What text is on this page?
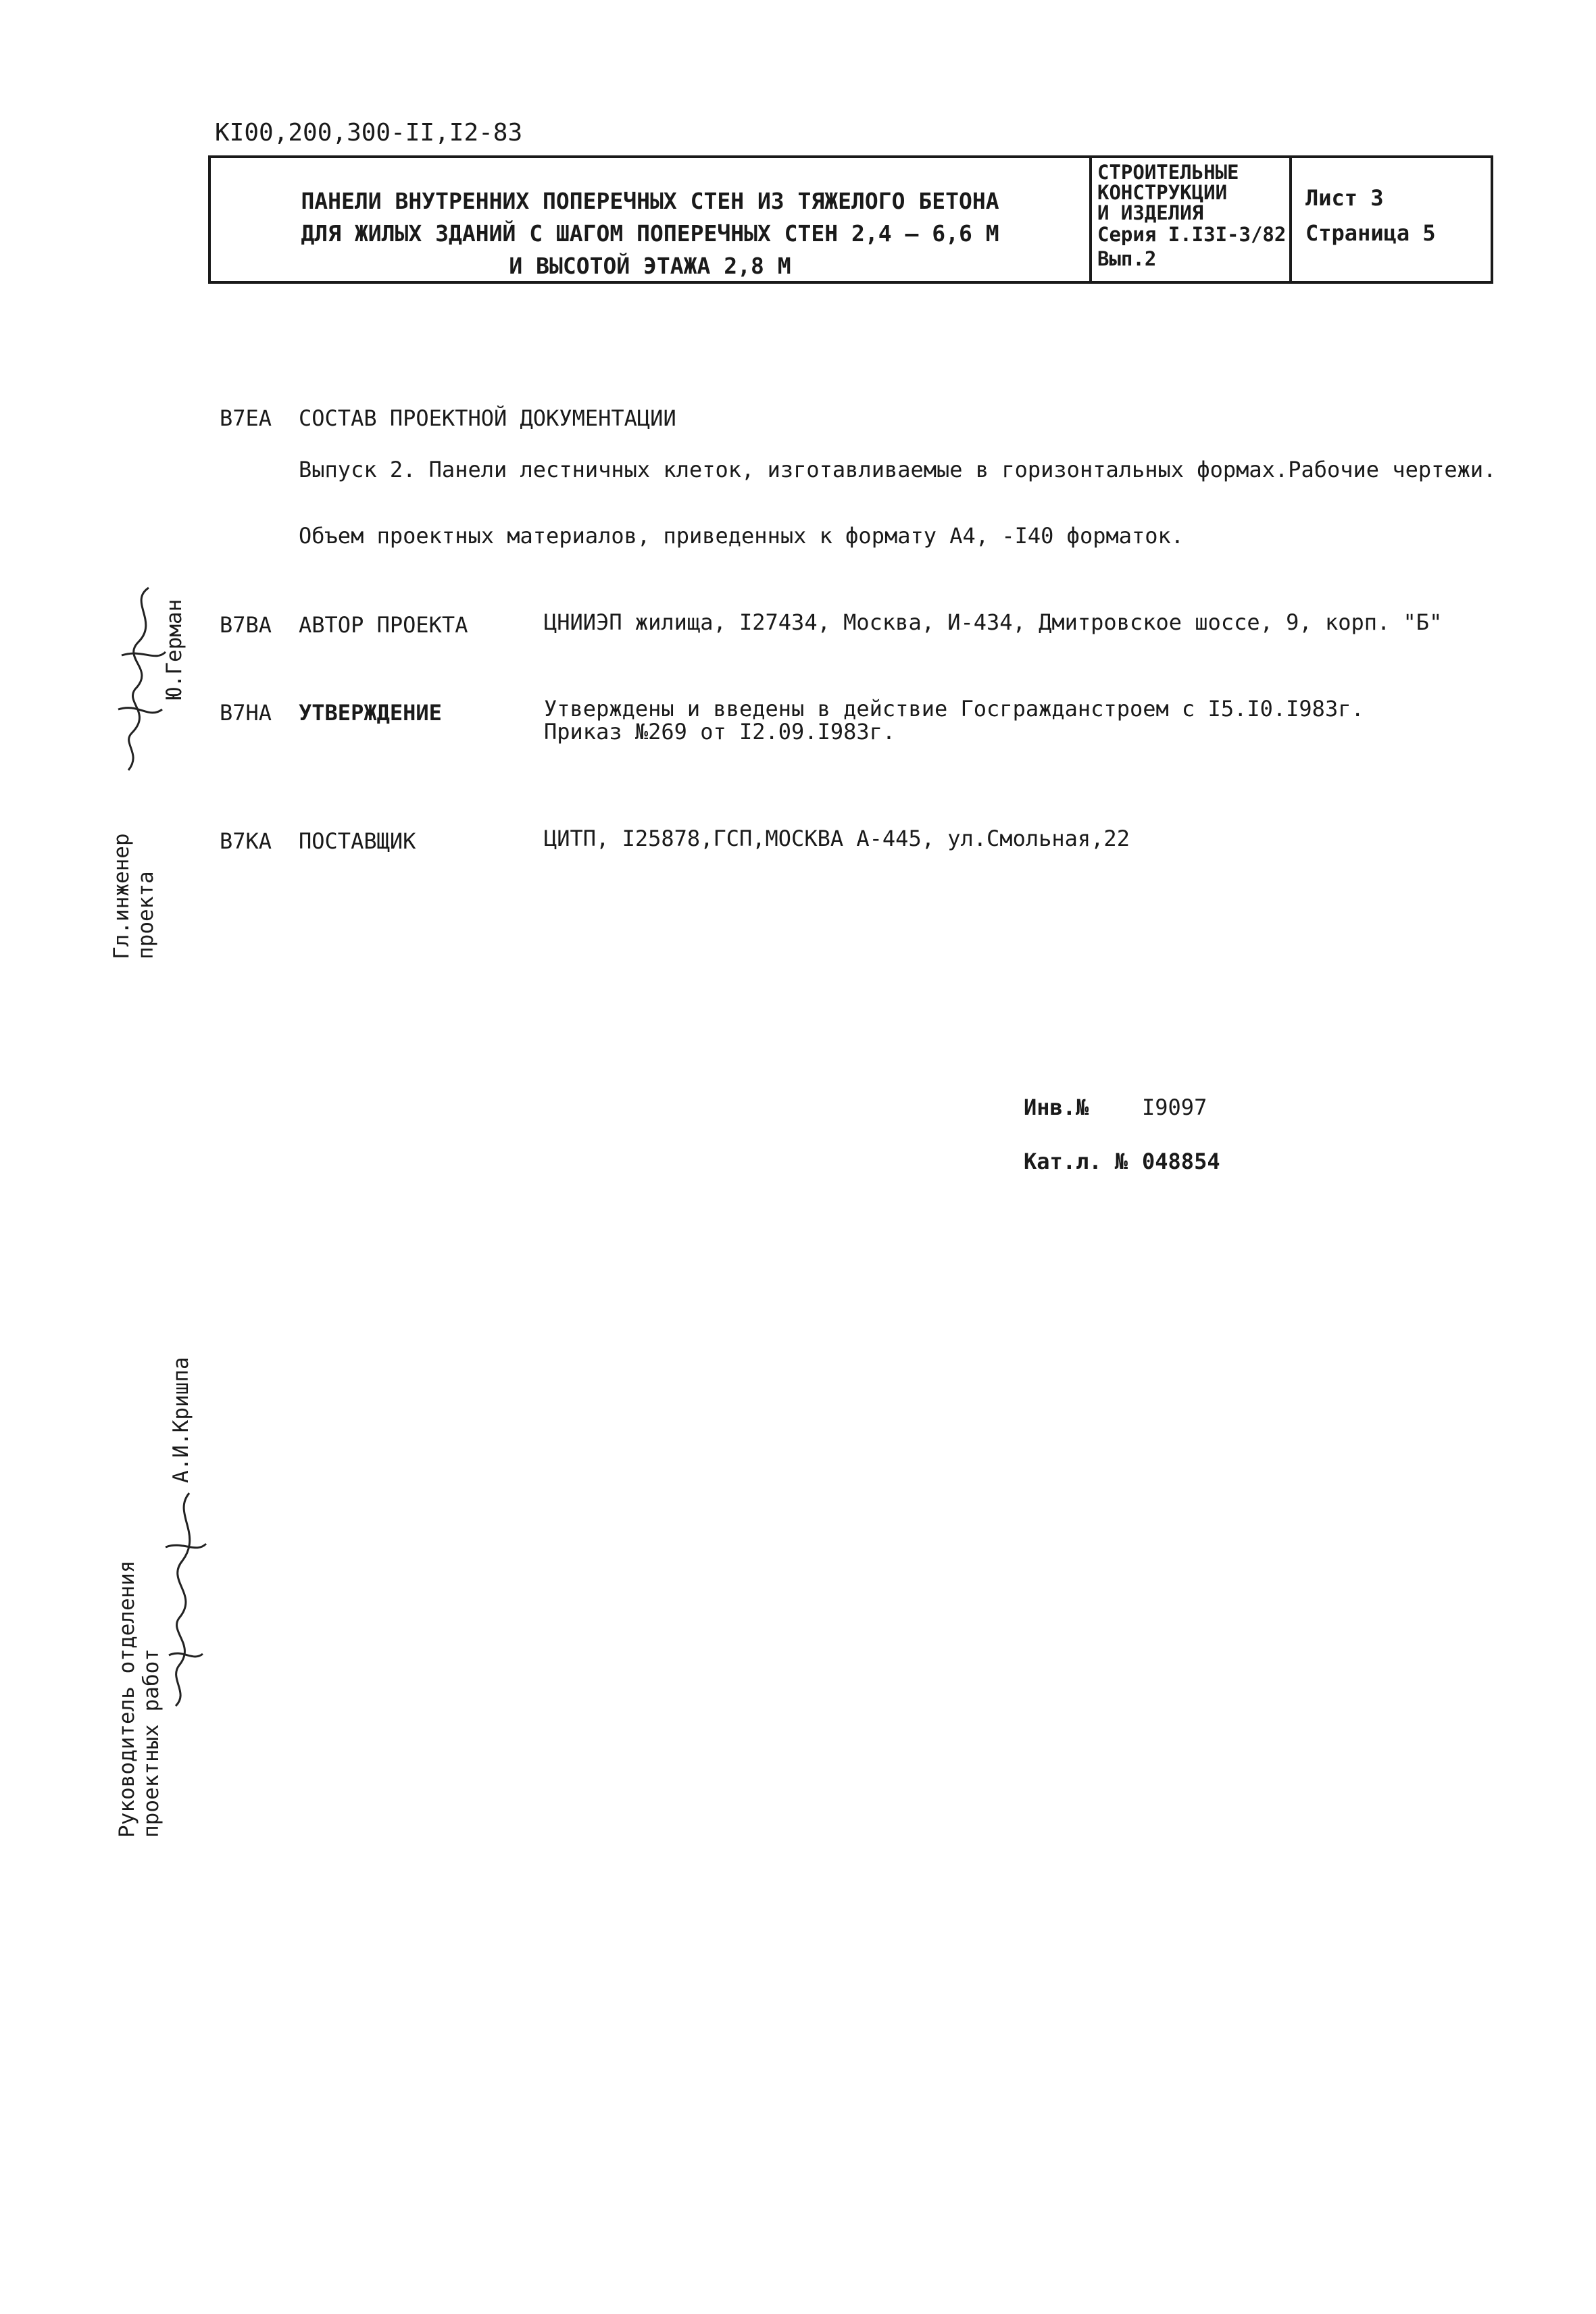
КI00,200,300-II,I2-83
ПАНЕЛИ ВНУТРЕННИХ ПОПЕРЕЧНЫХ СТЕН ИЗ ТЯЖЕЛОГО БЕТОНА
ДЛЯ ЖИЛЫХ ЗДАНИЙ С ШАГОМ ПОПЕРЕЧНЫХ СТЕН 2,4 — 6,6 М
И ВЫСОТОЙ ЭТАЖА 2,8 М
СТРОИТЕЛЬНЫЕ
КОНСТРУКЦИИ
И ИЗДЕЛИЯ
Серия I.I3I-3/82
Вып.2
Лист 3
Страница 5
В7ЕА СОСТАВ ПРОЕКТНОЙ ДОКУМЕНТАЦИИ
Выпуск 2. Панели лестничных клеток, изготавливаемые в горизонтальных формах.Рабочие чертежи.
Объем проектных материалов, приведенных к формату А4, -I40 форматок.
В7ВА АВТОР ПРОЕКТА	ЦНИИЭП жилища, I27434, Москва, И-434, Дмитровское шоссе, 9, корп. "Б"
В7НА УТВЕРЖДЕНИЕ	Утверждены и введены в действие Госгражданстроем с I5.I0.I983г.
Приказ №269 от I2.09.I983г.
В7КА ПОСТАВЩИК	ЦИТП, I25878,ГСП,МОСКВА А-445, ул.Смольная,22
Инв.№ I9097
Кат.л. № 048854
Гл.инженер проекта
Ю.Герман
Руководитель отделения проектных работ
А.И.Кришпа
